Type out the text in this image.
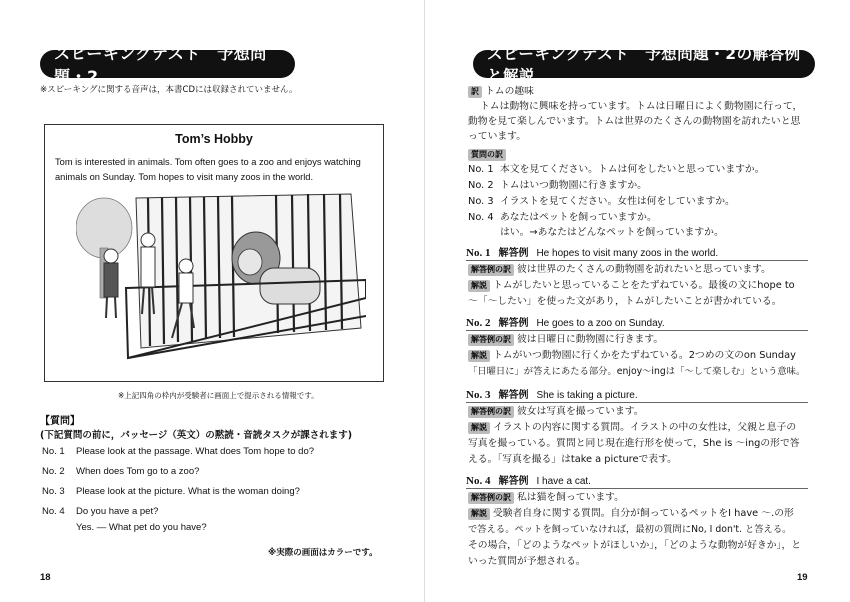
スピーキングテスト　予想問題・2
※スピーキングに関する音声は，本書CDには収録されていません。
Tom’s Hobby
Tom is interested in animals. Tom often goes to a zoo and enjoys watching animals on Sunday. Tom hopes to visit many zoos in the world.
※上記四角の枠内が受験者に画面上で提示される情報です。
【質問】
(下記質問の前に，パッセージ（英文）の黙読・音読タスクが課されます)
No. 1 Please look at the passage. What does Tom hope to do?
No. 2 When does Tom go to a zoo?
No. 3 Please look at the picture. What is the woman doing?
No. 4 Do you have a pet?
Yes. — What pet do you have?
※実際の画面はカラーです。
18
スピーキングテスト　予想問題・2の解答例と解説
19
訳 トムの趣味
トムは動物に興味を持っています。トムは日曜日によく動物園に行って，
動物を見て楽しんでいます。トムは世界のたくさんの動物園を訪れたいと思
っています。
質問の訳
No. 1 本文を見てください。トムは何をしたいと思っていますか。
No. 2 トムはいつ動物園に行きますか。
No. 3 イラストを見てください。女性は何をしていますか。
No. 4 あなたはペットを飼っていますか。
はい。→あなたはどんなペットを飼っていますか。
No. 1 解答例 He hopes to visit many zoos in the world.
解答例の訳 彼は世界のたくさんの動物園を訪れたいと思っています。
解説 トムがしたいと思っていることをたずねている。最後の文にhope to
～「～したい」を使った文があり，トムがしたいことが書かれている。
No. 2 解答例 He goes to a zoo on Sunday.
解答例の訳 彼は日曜日に動物園に行きます。
解説 トムがいつ動物園に行くかをたずねている。2つめの文のon Sunday
「日曜日に」が答えにあたる部分。enjoy～ingは「～して楽しむ」という意味。
No. 3 解答例 She is taking a picture.
解答例の訳 彼女は写真を撮っています。
解説 イラストの内容に関する質問。イラストの中の女性は，父親と息子の
写真を撮っている。質問と同じ現在進行形を使って，She is ～ingの形で答
える。「写真を撮る」はtake a pictureで表す。
No. 4 解答例 I have a cat.
解答例の訳 私は猫を飼っています。
解説 受験者自身に関する質問。自分が飼っているペットをI have ～.の形
で答える。ペットを飼っていなければ，最初の質問にNo, I don't. と答える。
その場合，「どのようなペットがほしいか」，「どのような動物が好きか」，と
いった質問が予想される。
